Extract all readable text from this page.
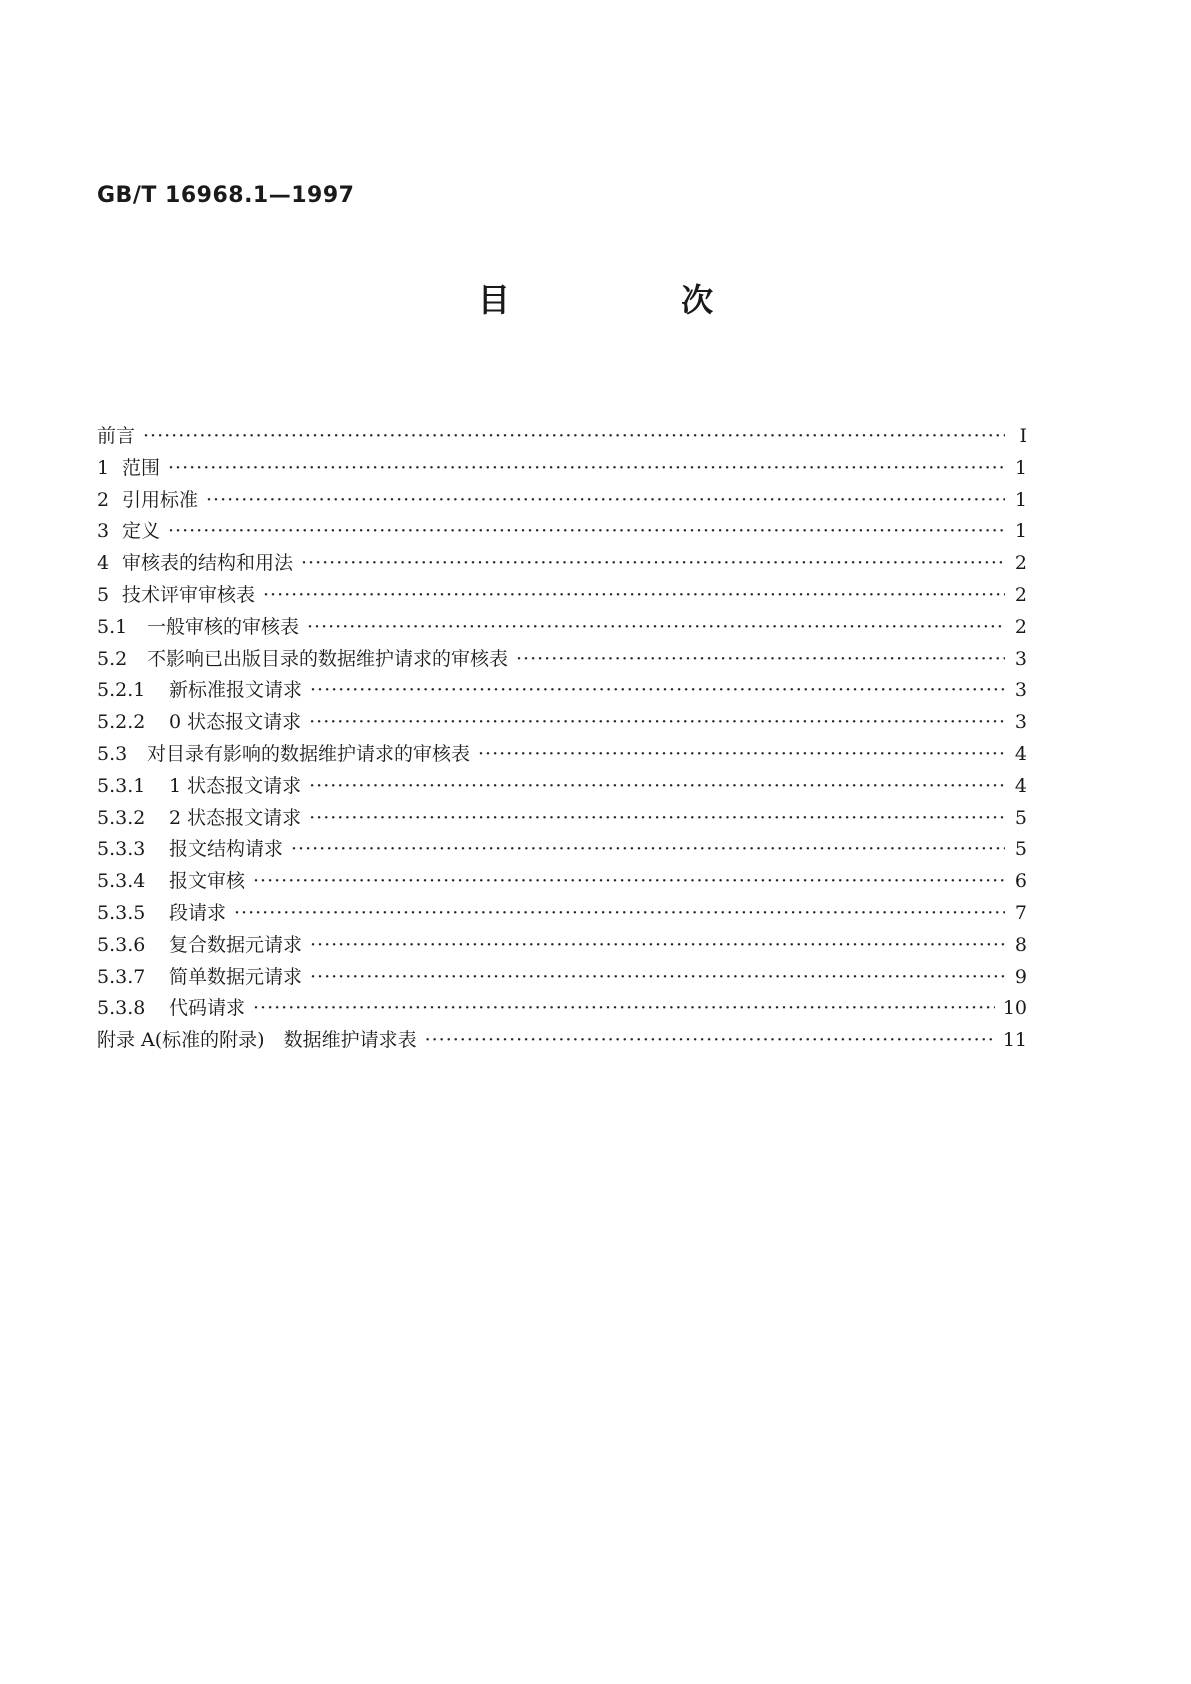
GB/T 16968.1—1997
目 次
前言 ·····	I
1 范围 ·····	1
2 引用标准 ·····	1
3 定义 ·····	1
4 审核表的结构和用法 ·····	2
5 技术评审审核表 ·····	2
5.1	一般审核的审核表 ·····	2
5.2	不影响已出版目录的数据维护请求的审核表 ·····	3
5.2.1	新标准报文请求 ·····	3
5.2.2	0 状态报文请求 ·····	3
5.3	对目录有影响的数据维护请求的审核表 ·····	4
5.3.1	1 状态报文请求 ·····	4
5.3.2	2 状态报文请求 ·····	5
5.3.3	报文结构请求 ·····	5
5.3.4	报文审核 ·····	6
5.3.5	段请求 ·····	7
5.3.6	复合数据元请求 ·····	8
5.3.7	简单数据元请求 ·····	9
5.3.8	代码请求 ·····	10
附录 A(标准的附录)　数据维护请求表 ·····	11
